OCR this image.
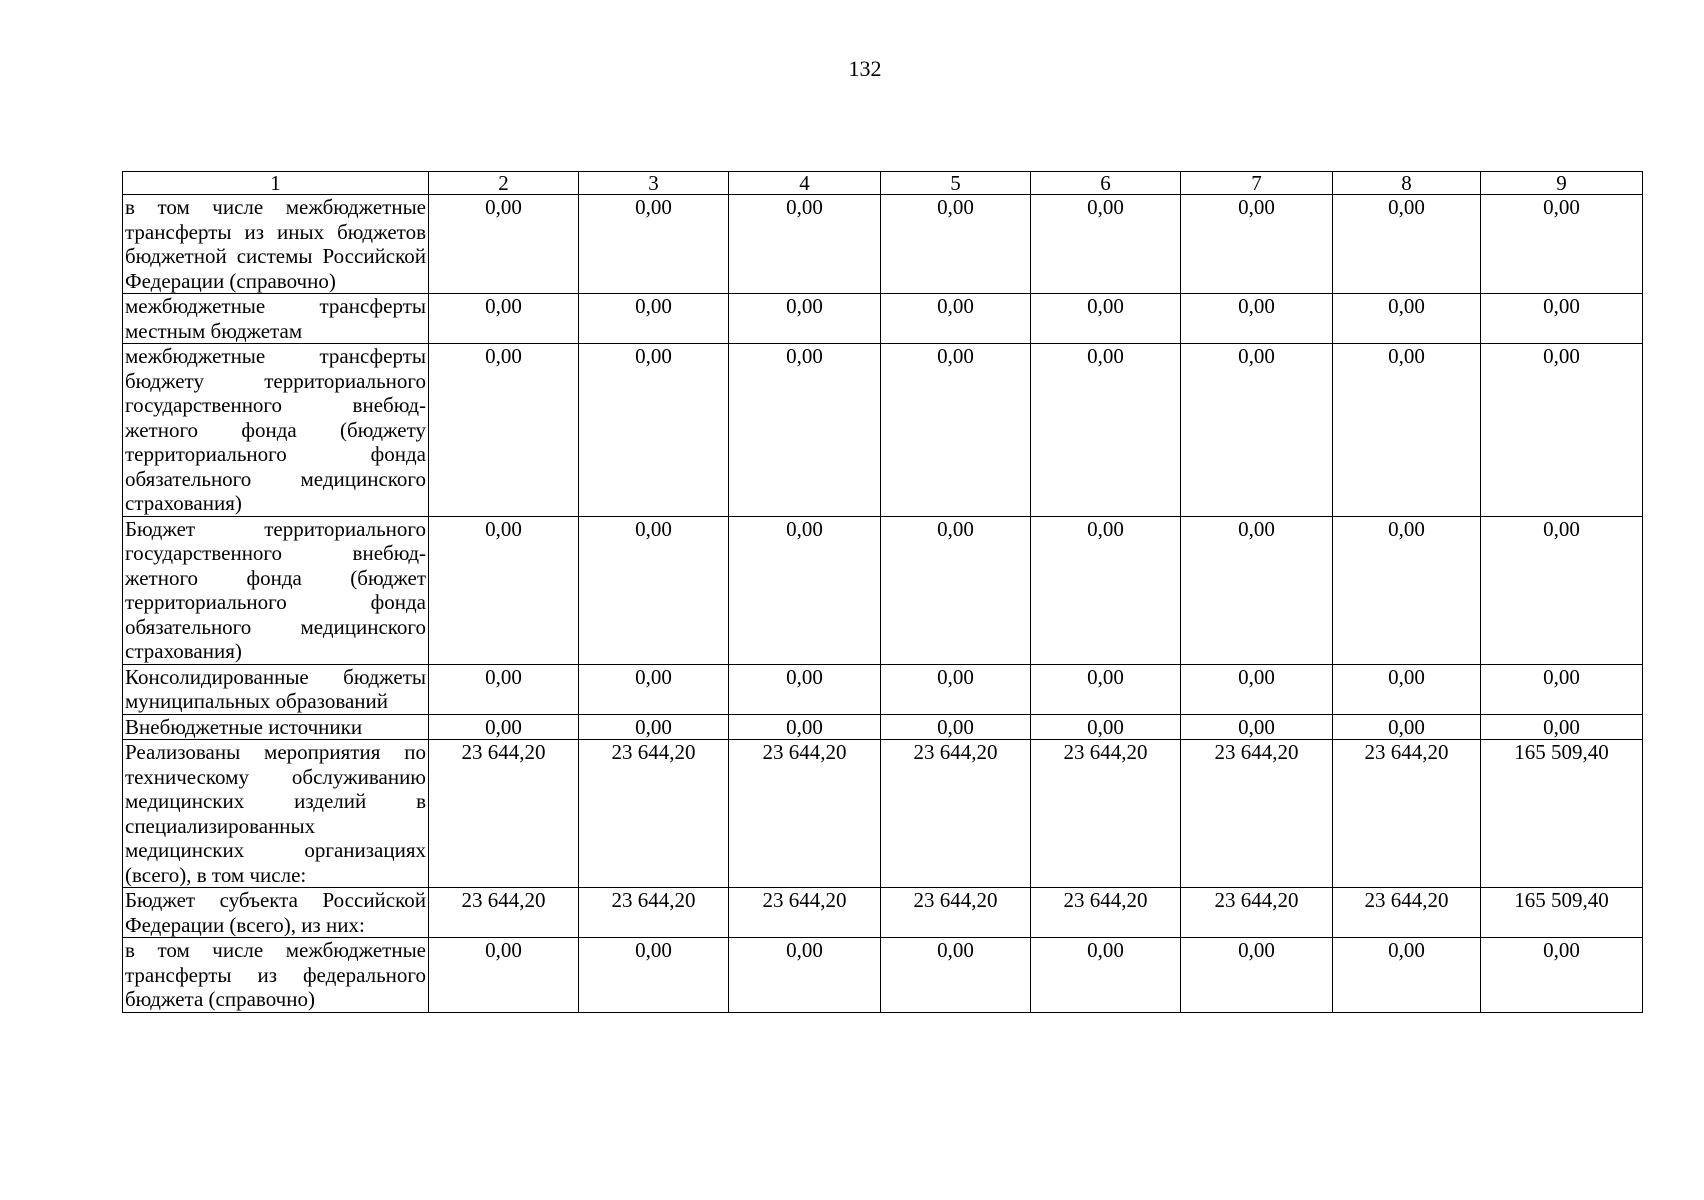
132
1	2	3	4	5	6	7	8	9
в том числе межбюджетные трансферты из иных бюджетов бюджетной системы Российской Федерации (справочно)	0,00	0,00	0,00	0,00	0,00	0,00	0,00	0,00
межбюджетные трансферты местным бюджетам	0,00	0,00	0,00	0,00	0,00	0,00	0,00	0,00
межбюджетные трансферты бюджету территориального государственного внебюджетного фонда (бюджету территориального фонда обязательного медицинского страхования)	0,00	0,00	0,00	0,00	0,00	0,00	0,00	0,00
Бюджет территориального государственного внебюджетного фонда (бюджет территориального фонда обязательного медицинского страхования)	0,00	0,00	0,00	0,00	0,00	0,00	0,00	0,00
Консолидированные бюджеты муниципальных образований	0,00	0,00	0,00	0,00	0,00	0,00	0,00	0,00
Внебюджетные источники	0,00	0,00	0,00	0,00	0,00	0,00	0,00	0,00
Реализованы мероприятия по техническому обслуживанию медицинских изделий в специализированных медицинских организациях (всего), в том числе:	23 644,20	23 644,20	23 644,20	23 644,20	23 644,20	23 644,20	23 644,20	165 509,40
Бюджет субъекта Российской Федерации (всего), из них:	23 644,20	23 644,20	23 644,20	23 644,20	23 644,20	23 644,20	23 644,20	165 509,40
в том числе межбюджетные трансферты из федерального бюджета (справочно)	0,00	0,00	0,00	0,00	0,00	0,00	0,00	0,00
